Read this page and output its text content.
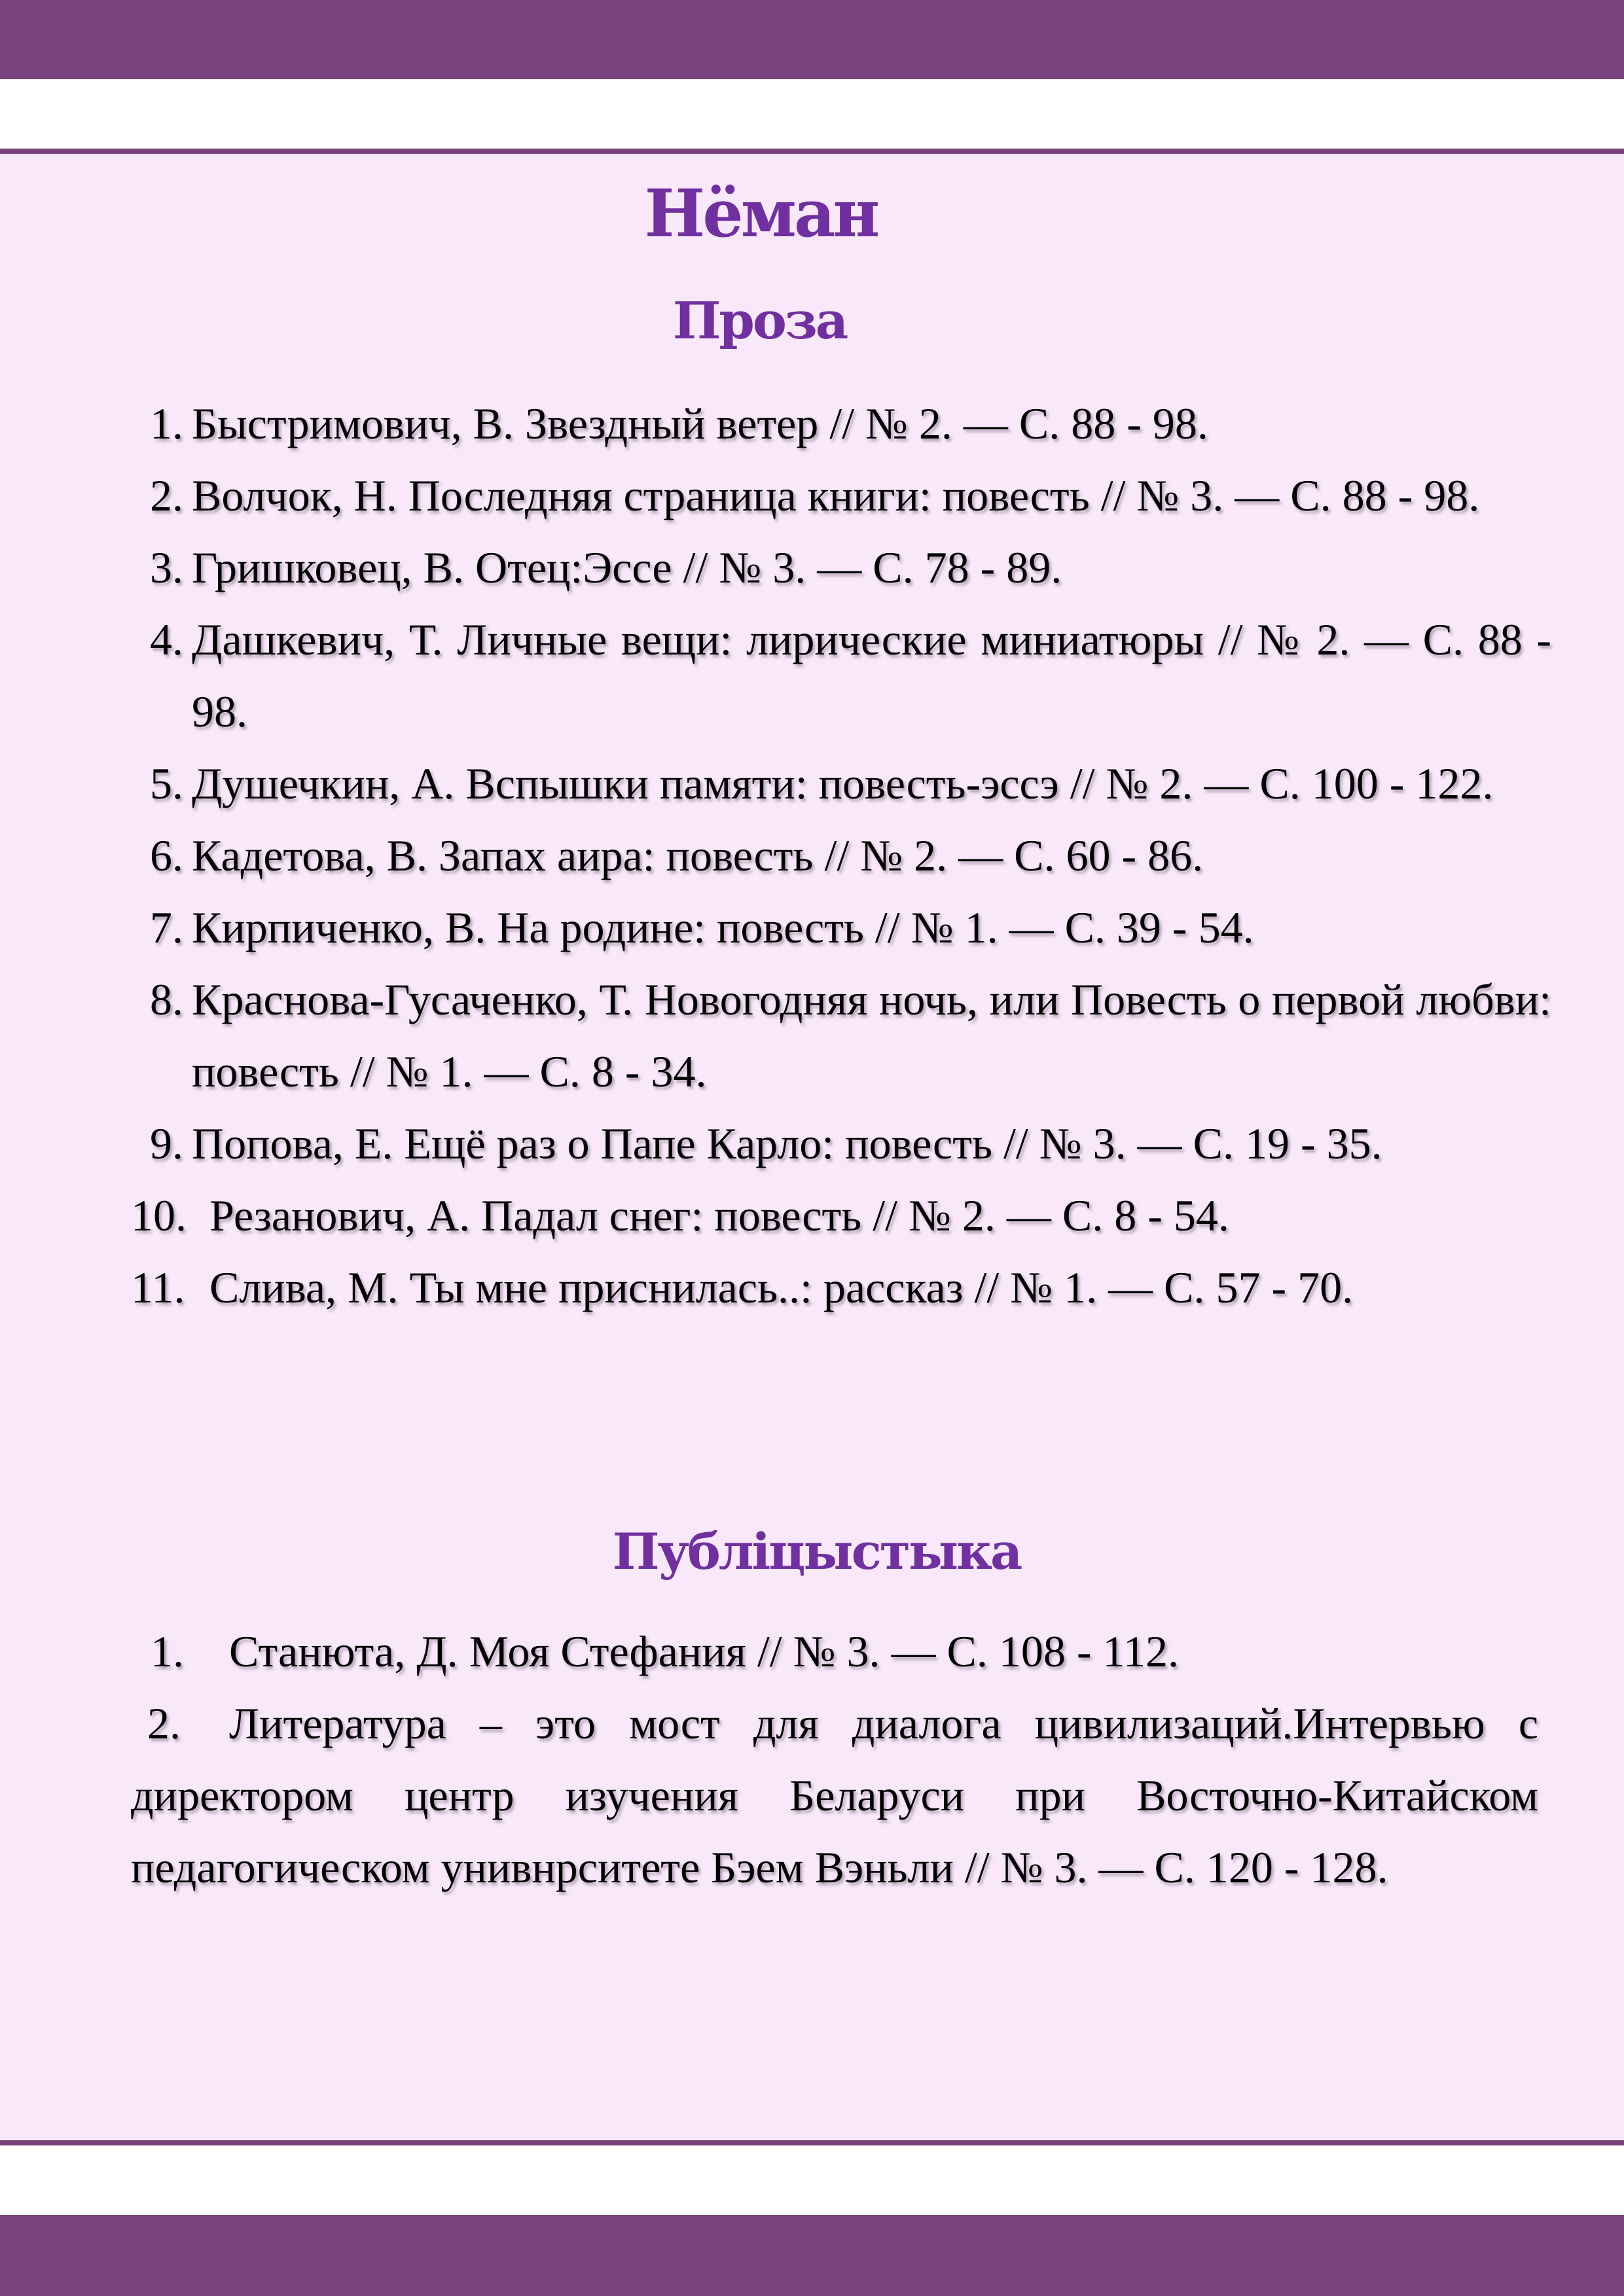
Нёман
Проза
1. Быстримович, В. Звездный ветер // № 2. — С. 88 - 98.
2. Волчок, Н. Последняя страница книги: повесть // № 3. — С. 88 - 98.
3. Гришковец, В. Отец:Эссе // № 3. — С. 78 - 89.
4. Дашкевич, Т. Личные вещи: лирические миниатюры // № 2. — С. 88 - 98.
5. Душечкин, А. Вспышки памяти: повесть-эссэ // № 2. — С. 100 - 122.
6. Кадетова, В. Запах аира: повесть // № 2. — С. 60 - 86.
7. Кирпиченко, В. На родине: повесть // № 1. — С. 39 - 54.
8. Краснова-Гусаченко, Т. Новогодняя ночь, или Повесть о первой любви: повесть // № 1. — С. 8 - 34.
9. Попова, Е. Ещё раз о Папе Карло: повесть // № 3. — С. 19 - 35.
10. Резанович, А. Падал снег: повесть // № 2. — С. 8 - 54.
11. Слива, М. Ты мне приснилась..: рассказ // № 1. — С. 57 - 70.
Публіцыстыка

1. Станюта, Д. Моя Стефания // № 3. — С. 108 - 112.

2. Литература – это мост для диалога цивилизаций.Интервью с директором центр изучения Беларуси при Восточно-Китайском педагогическом унивнрситете Бэем Вэньли // № 3. — С. 120 - 128.
